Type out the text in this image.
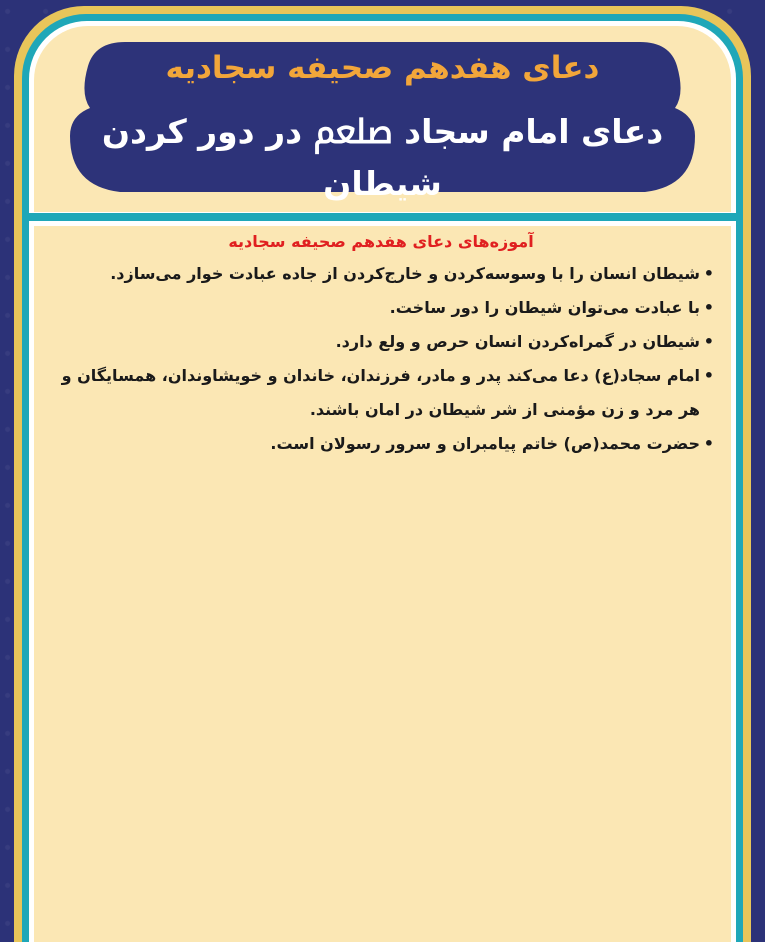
دعای هفدهم صحیفه سجادیه
دعای امام سجاد ﷵ در دور کردن شیطان
آموزه‌های دعای هفدهم صحیفه سجادیه
•
شیطان انسان را با وسوسه‌کردن و خارج‌کردن از جاده عبادت خوار می‌سازد.
•
با عبادت می‌توان شیطان را دور ساخت.
•
شیطان در گمراه‌کردن انسان حرص و ولع دارد.
•
امام سجاد(ع) دعا می‌کند پدر و مادر، فرزندان، خاندان و خویشاوندان، همسایگان و هر مرد و زن مؤمنی از شر شیطان در امان باشند.
•
حضرت محمد(ص) خاتم پیامبران و سرور رسولان است.
